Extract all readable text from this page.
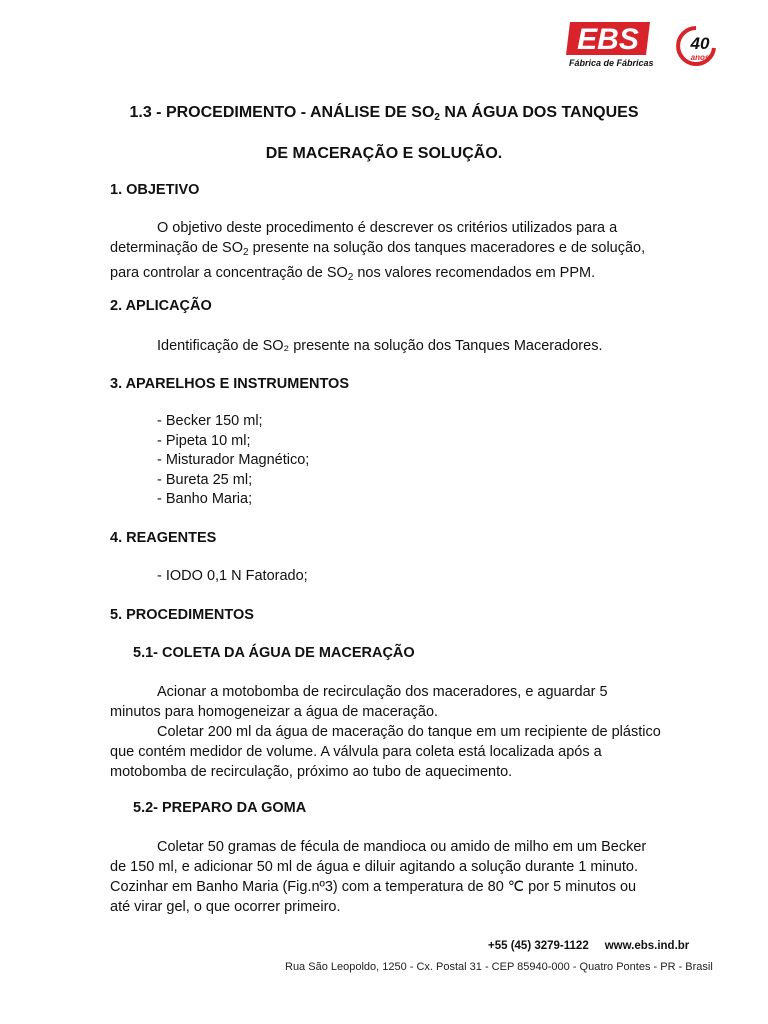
EBS
Fábrica de Fábricas
40
anos
1.3 - PROCEDIMENTO - ANÁLISE DE $SO_2$ NA ÁGUA DOS TANQUES
DE MACERAÇÃO E SOLUÇÃO.
1. OBJETIVO
O objetivo deste procedimento é descrever os critérios utilizados para a
determinação de $SO_2$ presente na solução dos tanques maceradores e de solução,
para controlar a concentração de $SO_2$ nos valores recomendados em PPM.
2. APLICAÇÃO
Identificação de SO₂ presente na solução dos Tanques Maceradores.
3. APARELHOS E INSTRUMENTOS
- Becker 150 ml;
- Pipeta 10 ml;
- Misturador Magnético;
- Bureta 25 ml;
- Banho Maria;
4. REAGENTES
- IODO 0,1 N Fatorado;
5. PROCEDIMENTOS
5.1- COLETA DA ÁGUA DE MACERAÇÃO
Acionar a motobomba de recirculação dos maceradores, e aguardar 5
minutos para homogeneizar a água de maceração.
Coletar 200 ml da água de maceração do tanque em um recipiente de plástico
que contém medidor de volume. A válvula para coleta está localizada após a
motobomba de recirculação, próximo ao tubo de aquecimento.
5.2- PREPARO DA GOMA
Coletar 50 gramas de fécula de mandioca ou amido de milho em um Becker
de 150 ml, e adicionar 50 ml de água e diluir agitando a solução durante 1 minuto.
Cozinhar em Banho Maria (Fig.nº3) com a temperatura de 80 ℃ por 5 minutos ou
até virar gel, o que ocorrer primeiro.
+55 (45) 3279-1122 www.ebs.ind.br
Rua São Leopoldo, 1250 - Cx. Postal 31 - CEP 85940-000 - Quatro Pontes - PR - Brasil
